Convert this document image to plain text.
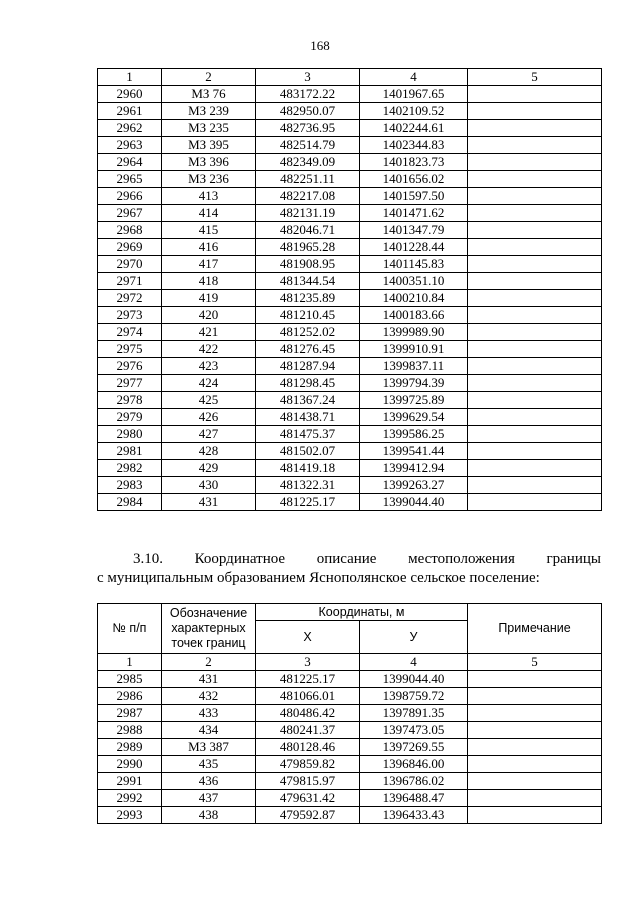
168
1	2	3	4	5
2960	МЗ 76	483172.22	1401967.65	
2961	МЗ 239	482950.07	1402109.52	
2962	МЗ 235	482736.95	1402244.61	
2963	МЗ 395	482514.79	1402344.83	
2964	МЗ 396	482349.09	1401823.73	
2965	МЗ 236	482251.11	1401656.02	
2966	413	482217.08	1401597.50	
2967	414	482131.19	1401471.62	
2968	415	482046.71	1401347.79	
2969	416	481965.28	1401228.44	
2970	417	481908.95	1401145.83	
2971	418	481344.54	1400351.10	
2972	419	481235.89	1400210.84	
2973	420	481210.45	1400183.66	
2974	421	481252.02	1399989.90	
2975	422	481276.45	1399910.91	
2976	423	481287.94	1399837.11	
2977	424	481298.45	1399794.39	
2978	425	481367.24	1399725.89	
2979	426	481438.71	1399629.54	
2980	427	481475.37	1399586.25	
2981	428	481502.07	1399541.44	
2982	429	481419.18	1399412.94	
2983	430	481322.31	1399263.27	
2984	431	481225.17	1399044.40	
3.10. Координатное описание местоположения границы
с муниципальным образованием Яснополянское сельское поселение:
№ п/п	Обозначение характерных точек границ	Координаты, м		Примечание
		Х	У	
1	2	3	4	5
2985	431	481225.17	1399044.40	
2986	432	481066.01	1398759.72	
2987	433	480486.42	1397891.35	
2988	434	480241.37	1397473.05	
2989	МЗ 387	480128.46	1397269.55	
2990	435	479859.82	1396846.00	
2991	436	479815.97	1396786.02	
2992	437	479631.42	1396488.47	
2993	438	479592.87	1396433.43	
